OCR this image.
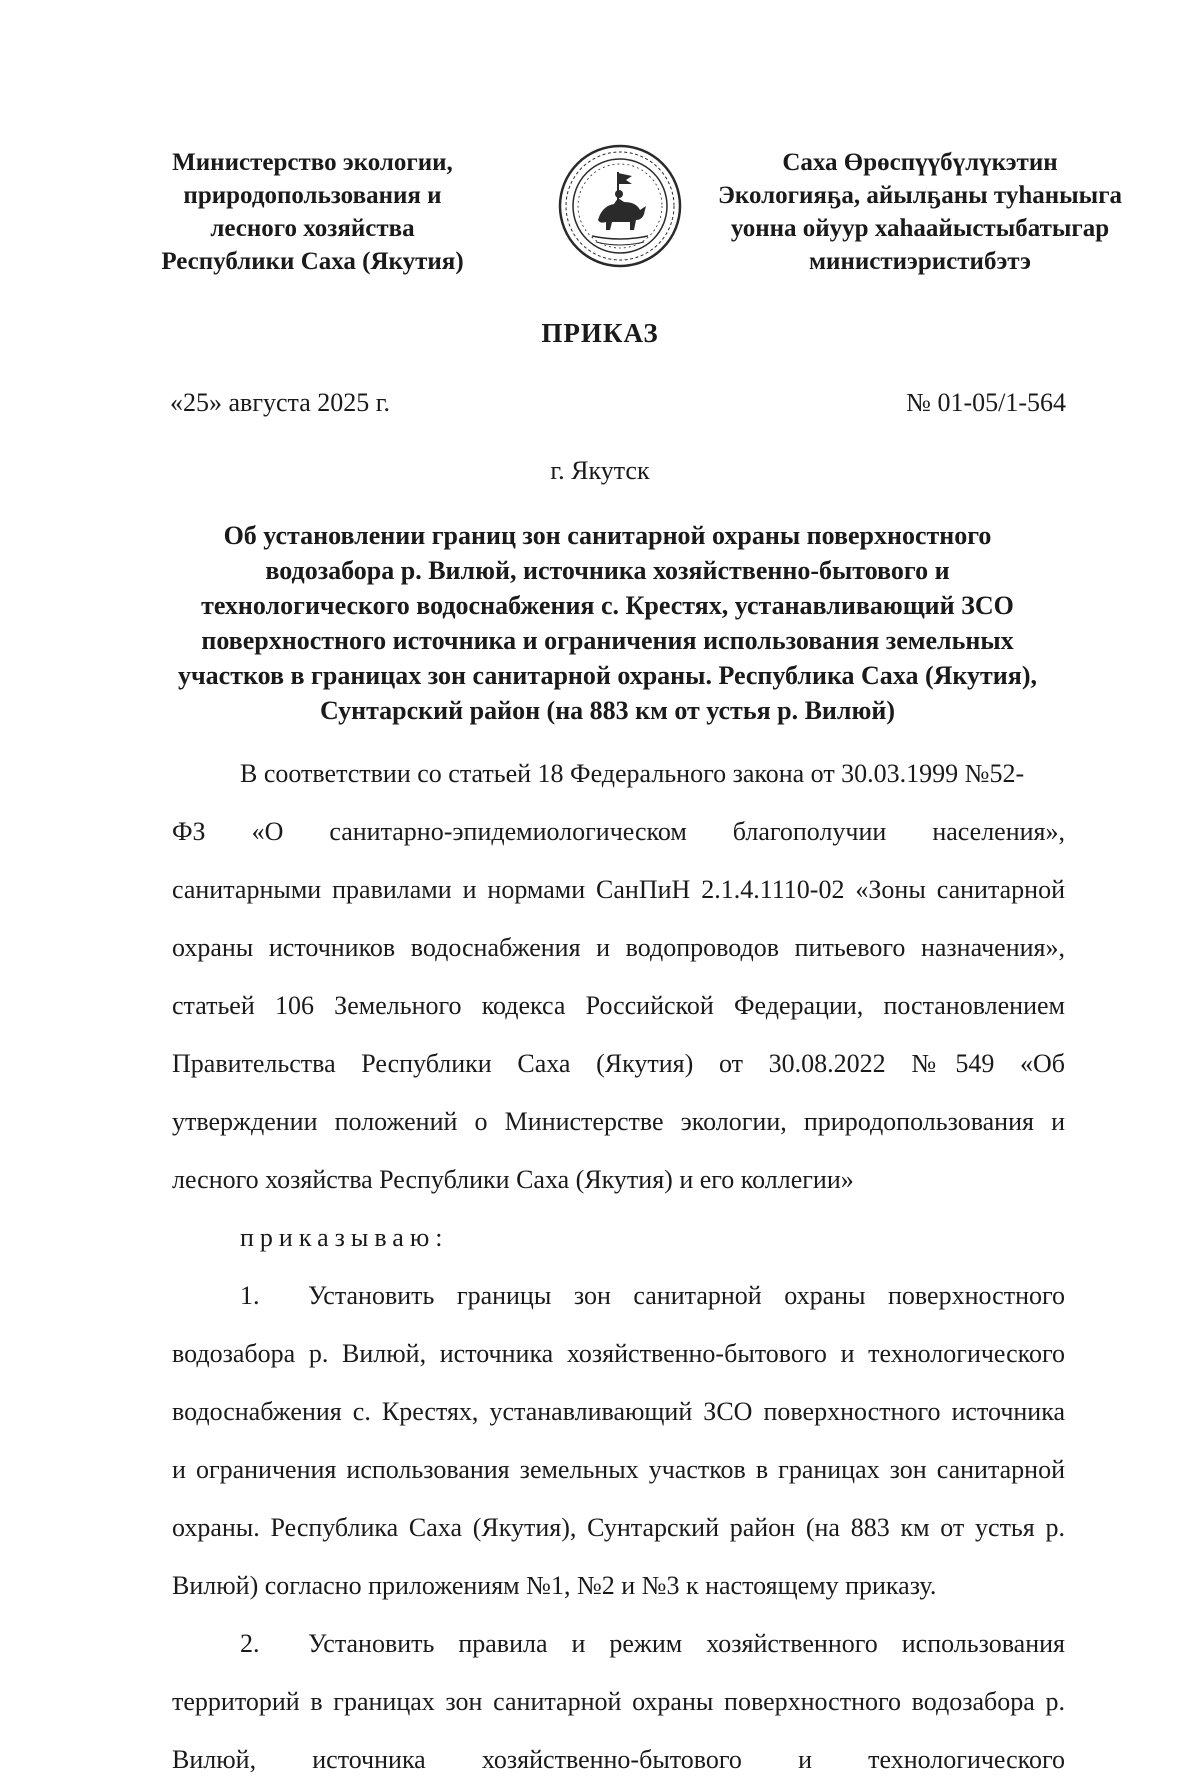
Министерство экологии,
природопользования и
лесного хозяйства
Республики Саха (Якутия)
Саха Өрөспүүбүлүкэтин
Экологияҕа, айылҕаны туһаныыга
уонна ойуур хаһаайыстыбатыгар
министиэристибэтэ
ПРИКАЗ
«25» августа 2025 г.	№ 01-05/1-564
г. Якутск
Об установлении границ зон санитарной охраны поверхностного
водозабора р. Вилюй, источника хозяйственно-бытового и
технологического водоснабжения с. Крестях, устанавливающий ЗСО
поверхностного источника и ограничения использования земельных
участков в границах зон санитарной охраны. Республика Саха (Якутия),
Сунтарский район (на 883 км от устья р. Вилюй)
В соответствии со статьей 18 Федерального закона от 30.03.1999 №52-
ФЗ «О санитарно-эпидемиологическом благополучии населения»,
санитарными правилами и нормами СанПиН 2.1.4.1110-02 «Зоны санитарной
охраны источников водоснабжения и водопроводов питьевого назначения»,
статьей 106 Земельного кодекса Российской Федерации, постановлением
Правительства Республики Саха (Якутия) от 30.08.2022 №549 «Об
утверждении положений о Министерстве экологии, природопользования и
лесного хозяйства Республики Саха (Якутия) и его коллегии»
приказываю:
1.	Установить границы зон санитарной охраны поверхностного
водозабора р. Вилюй, источника хозяйственно-бытового и технологического
водоснабжения с. Крестях, устанавливающий ЗСО поверхностного источника
и ограничения использования земельных участков в границах зон санитарной
охраны. Республика Саха (Якутия), Сунтарский район (на 883 км от устья р.
Вилюй) согласно приложениям №1, №2 и №3 к настоящему приказу.
2.	Установить правила и режим хозяйственного использования
территорий в границах зон санитарной охраны поверхностного водозабора р.
Вилюй, источника хозяйственно-бытового и технологического
